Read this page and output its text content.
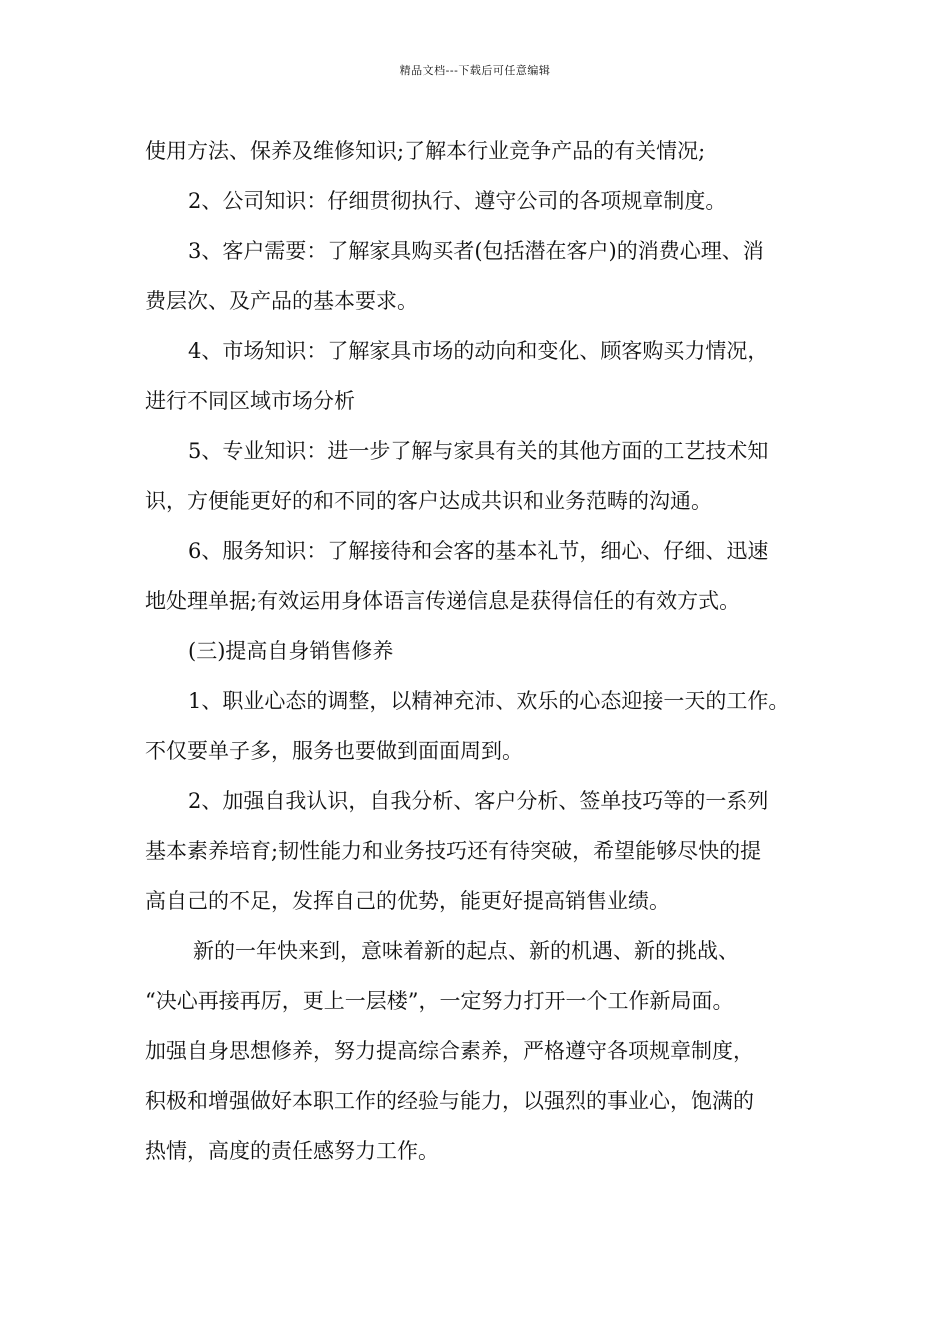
精品文档---下载后可任意编辑
使用方法、保养及维修知识;了解本行业竞争产品的有关情况;
2、公司知识：仔细贯彻执行、遵守公司的各项规章制度。
3、客户需要：了解家具购买者(包括潜在客户)的消费心理、消
费层次、及产品的基本要求。
4、市场知识：了解家具市场的动向和变化、顾客购买力情况，
进行不同区域市场分析
5、专业知识：进一步了解与家具有关的其他方面的工艺技术知
识，方便能更好的和不同的客户达成共识和业务范畴的沟通。
6、服务知识：了解接待和会客的基本礼节，细心、仔细、迅速
地处理单据;有效运用身体语言传递信息是获得信任的有效方式。
(三)提高自身销售修养
1、职业心态的调整，以精神充沛、欢乐的心态迎接一天的工作。
不仅要单子多，服务也要做到面面周到。
2、加强自我认识，自我分析、客户分析、签单技巧等的一系列
基本素养培育;韧性能力和业务技巧还有待突破，希望能够尽快的提
高自己的不足，发挥自己的优势，能更好提高销售业绩。
新的一年快来到，意味着新的起点、新的机遇、新的挑战、
“决心再接再厉，更上一层楼”，一定努力打开一个工作新局面。
加强自身思想修养，努力提高综合素养，严格遵守各项规章制度，
积极和增强做好本职工作的经验与能力，以强烈的事业心，饱满的
热情，高度的责任感努力工作。
